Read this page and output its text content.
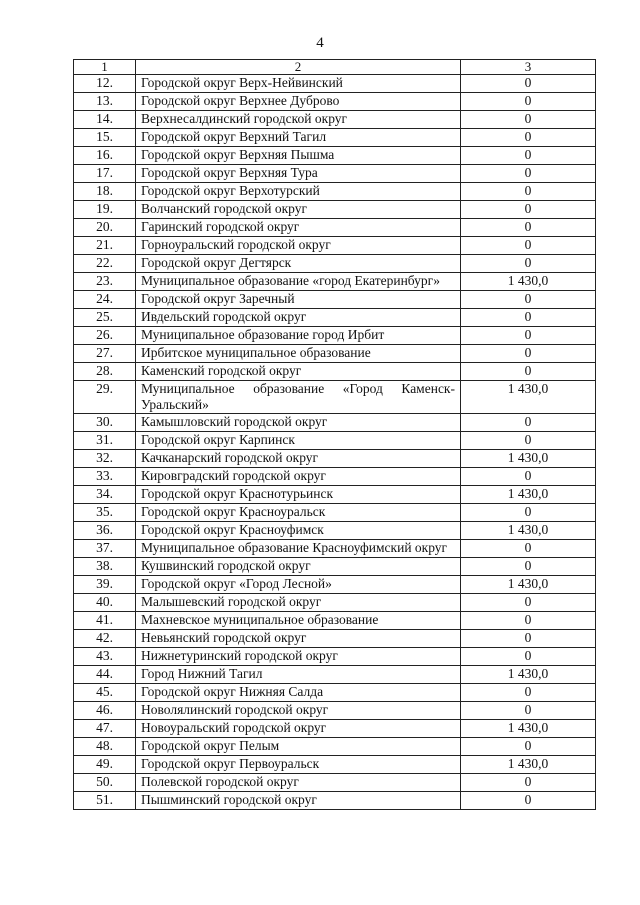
4
1	2	3
12.	Городской округ Верх-Нейвинский	0
13.	Городской округ Верхнее Дуброво	0
14.	Верхнесалдинский городской округ	0
15.	Городской округ Верхний Тагил	0
16.	Городской округ Верхняя Пышма	0
17.	Городской округ Верхняя Тура	0
18.	Городской округ Верхотурский	0
19.	Волчанский городской округ	0
20.	Гаринский городской округ	0
21.	Горноуральский городской округ	0
22.	Городской округ Дегтярск	0
23.	Муниципальное образование «город Екатеринбург»	1 430,0
24.	Городской округ Заречный	0
25.	Ивдельский городской округ	0
26.	Муниципальное образование город Ирбит	0
27.	Ирбитское муниципальное образование	0
28.	Каменский городской округ	0
29.	Муниципальное образование «Город Каменск-Уральский»	1 430,0
30.	Камышловский городской округ	0
31.	Городской округ Карпинск	0
32.	Качканарский городской округ	1 430,0
33.	Кировградский городской округ	0
34.	Городской округ Краснотурьинск	1 430,0
35.	Городской округ Красноуральск	0
36.	Городской округ Красноуфимск	1 430,0
37.	Муниципальное образование Красноуфимский округ	0
38.	Кушвинский городской округ	0
39.	Городской округ «Город Лесной»	1 430,0
40.	Малышевский городской округ	0
41.	Махневское муниципальное образование	0
42.	Невьянский городской округ	0
43.	Нижнетуринский городской округ	0
44.	Город Нижний Тагил	1 430,0
45.	Городской округ Нижняя Салда	0
46.	Новолялинский городской округ	0
47.	Новоуральский городской округ	1 430,0
48.	Городской округ Пелым	0
49.	Городской округ Первоуральск	1 430,0
50.	Полевской городской округ	0
51.	Пышминский городской округ	0
